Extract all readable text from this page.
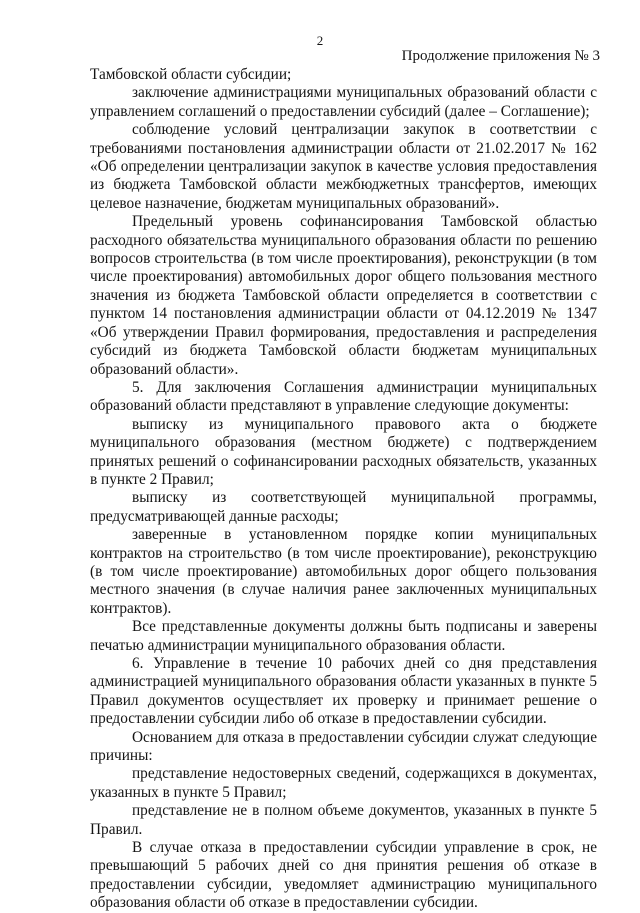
2
Продолжение приложения № 3

Тамбовской области субсидии;

заключение администрациями муниципальных образований области с управлением соглашений о предоставлении субсидий (далее – Соглашение);

соблюдение условий централизации закупок в соответствии с требованиями постановления администрации области от 21.02.2017 № 162 «Об определении централизации закупок в качестве условия предоставления из бюджета Тамбовской области межбюджетных трансфертов, имеющих целевое назначение, бюджетам муниципальных образований».

Предельный уровень софинансирования Тамбовской областью расходного обязательства муниципального образования области по решению вопросов строительства (в том числе проектирования), реконструкции (в том числе проектирования) автомобильных дорог общего пользования местного значения из бюджета Тамбовской области определяется в соответствии с пунктом 14 постановления администрации области от 04.12.2019 № 1347 «Об утверждении Правил формирования, предоставления и распределения субсидий из бюджета Тамбовской области бюджетам муниципальных образований области».

5. Для заключения Соглашения администрации муниципальных образований области представляют в управление следующие документы:

выписку из муниципального правового акта о бюджете муниципального образования (местном бюджете) с подтверждением принятых решений о софинансировании расходных обязательств, указанных в пункте 2 Правил;

выписку из соответствующей муниципальной программы, предусматривающей данные расходы;

заверенные в установленном порядке копии муниципальных контрактов на строительство (в том числе проектирование), реконструкцию (в том числе проектирование) автомобильных дорог общего пользования местного значения (в случае наличия ранее заключенных муниципальных контрактов).

Все представленные документы должны быть подписаны и заверены печатью администрации муниципального образования области.

6. Управление в течение 10 рабочих дней со дня представления администрацией муниципального образования области указанных в пункте 5 Правил документов осуществляет их проверку и принимает решение о предоставлении субсидии либо об отказе в предоставлении субсидии.

Основанием для отказа в предоставлении субсидии служат следующие причины:

представление недостоверных сведений, содержащихся в документах, указанных в пункте 5 Правил;

представление не в полном объеме документов, указанных в пункте 5 Правил.

В случае отказа в предоставлении субсидии управление в срок, не превышающий 5 рабочих дней со дня принятия решения об отказе в предоставлении субсидии, уведомляет администрацию муниципального образования области об отказе в предоставлении субсидии.
